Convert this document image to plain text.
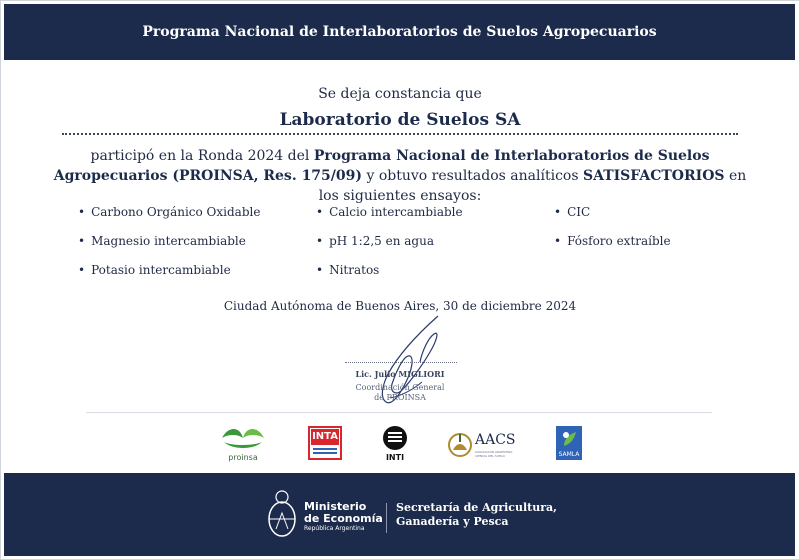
Programa Nacional de Interlaboratorios de Suelos Agropecuarios
Se deja constancia que
Laboratorio de Suelos SA
participó en la Ronda 2024 del Programa Nacional de Interlaboratorios de Suelos Agropecuarios (PROINSA, Res. 175/09) y obtuvo resultados analíticos SATISFACTORIOS en los siguientes ensayos:
• Carbono Orgánico Oxidable	• Calcio intercambiable	• CIC
• Magnesio intercambiable	• pH 1:2,5 en agua	• Fósforo extraíble
• Potasio intercambiable	• Nitratos
Ciudad Autónoma de Buenos Aires, 30 de diciembre 2024
Lic. Julio MIGLIORI
Coordinación General
de PROINSA
proinsa
INTA
INTI
AACS
ASOCIACIÓN ARGENTINA CIENCIA DEL SUELO	SAMLA
Ministerio
de Economía
República Argentina
Secretaría de Agricultura,
Ganadería y Pesca
